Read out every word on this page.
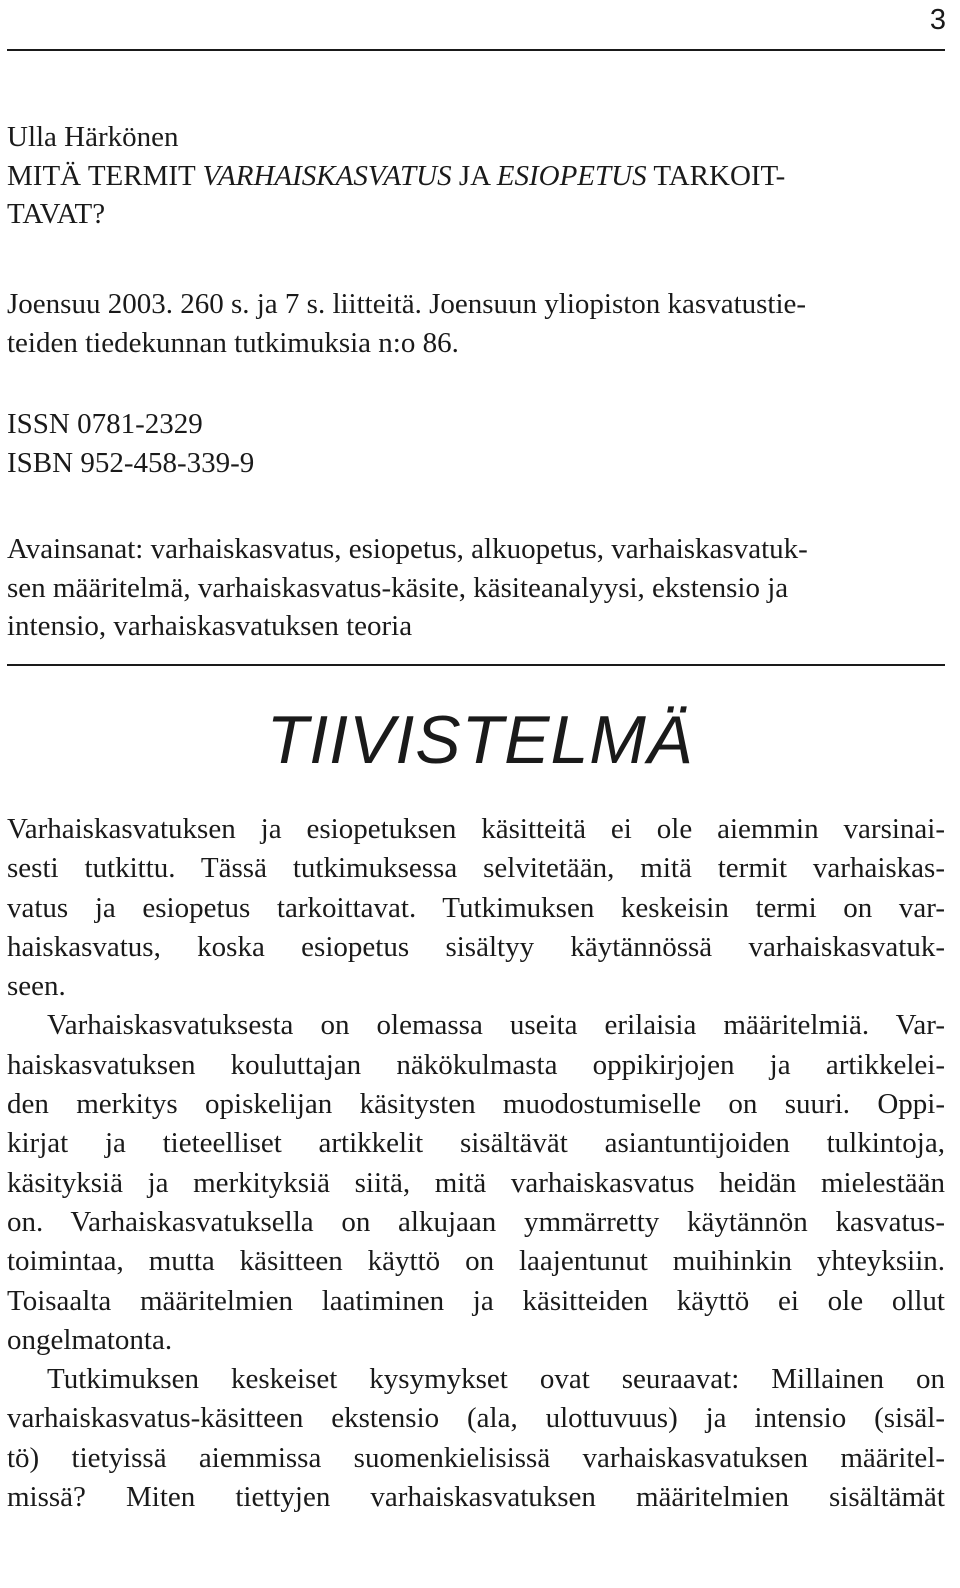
3
Ulla Härkönen
MITÄ TERMIT VARHAISKASVATUS JA ESIOPETUS TARKOIT-
TAVAT?
Joensuu 2003. 260 s. ja 7 s. liitteitä. Joensuun yliopiston kasvatustie-
teiden tiedekunnan tutkimuksia n:o 86.
ISSN 0781-2329
ISBN 952-458-339-9
Avainsanat: varhaiskasvatus, esiopetus, alkuopetus, varhaiskasvatuk-
sen määritelmä, varhaiskasvatus-käsite, käsiteanalyysi, ekstensio ja
intensio, varhaiskasvatuksen teoria
TIIVISTELMÄ
Varhaiskasvatuksen ja esiopetuksen käsitteitä ei ole aiemmin varsinai-
sesti tutkittu. Tässä tutkimuksessa selvitetään, mitä termit varhaiskas-
vatus ja esiopetus tarkoittavat. Tutkimuksen keskeisin termi on var-
haiskasvatus, koska esiopetus sisältyy käytännössä varhaiskasvatuk-
seen.
Varhaiskasvatuksesta on olemassa useita erilaisia määritelmiä. Var-
haiskasvatuksen kouluttajan näkökulmasta oppikirjojen ja artikkelei-
den merkitys opiskelijan käsitysten muodostumiselle on suuri. Oppi-
kirjat ja tieteelliset artikkelit sisältävät asiantuntijoiden tulkintoja,
käsityksiä ja merkityksiä siitä, mitä varhaiskasvatus heidän mielestään
on. Varhaiskasvatuksella on alkujaan ymmärretty käytännön kasvatus-
toimintaa, mutta käsitteen käyttö on laajentunut muihinkin yhteyksiin.
Toisaalta määritelmien laatiminen ja käsitteiden käyttö ei ole ollut
ongelmatonta.
Tutkimuksen keskeiset kysymykset ovat seuraavat: Millainen on
varhaiskasvatus-käsitteen ekstensio (ala, ulottuvuus) ja intensio (sisäl-
tö) tietyissä aiemmissa suomenkielisissä varhaiskasvatuksen määritel-
missä? Miten tiettyjen varhaiskasvatuksen määritelmien sisältämät
